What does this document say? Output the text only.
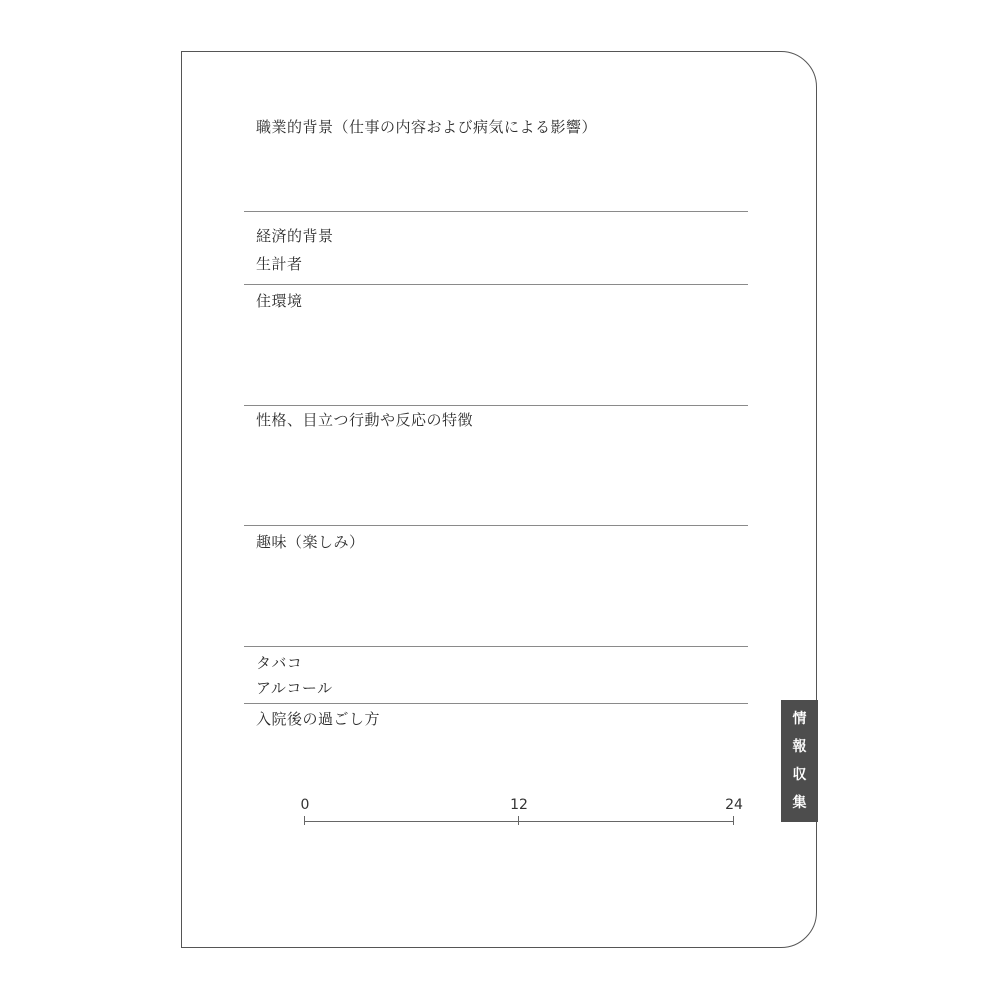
職業的背景（仕事の内容および病気による影響）
経済的背景
生計者
住環境
性格、目立つ行動や反応の特徴
趣味（楽しみ）
タバコ
アルコール
入院後の過ごし方
0	12	24
情
報
収
集
